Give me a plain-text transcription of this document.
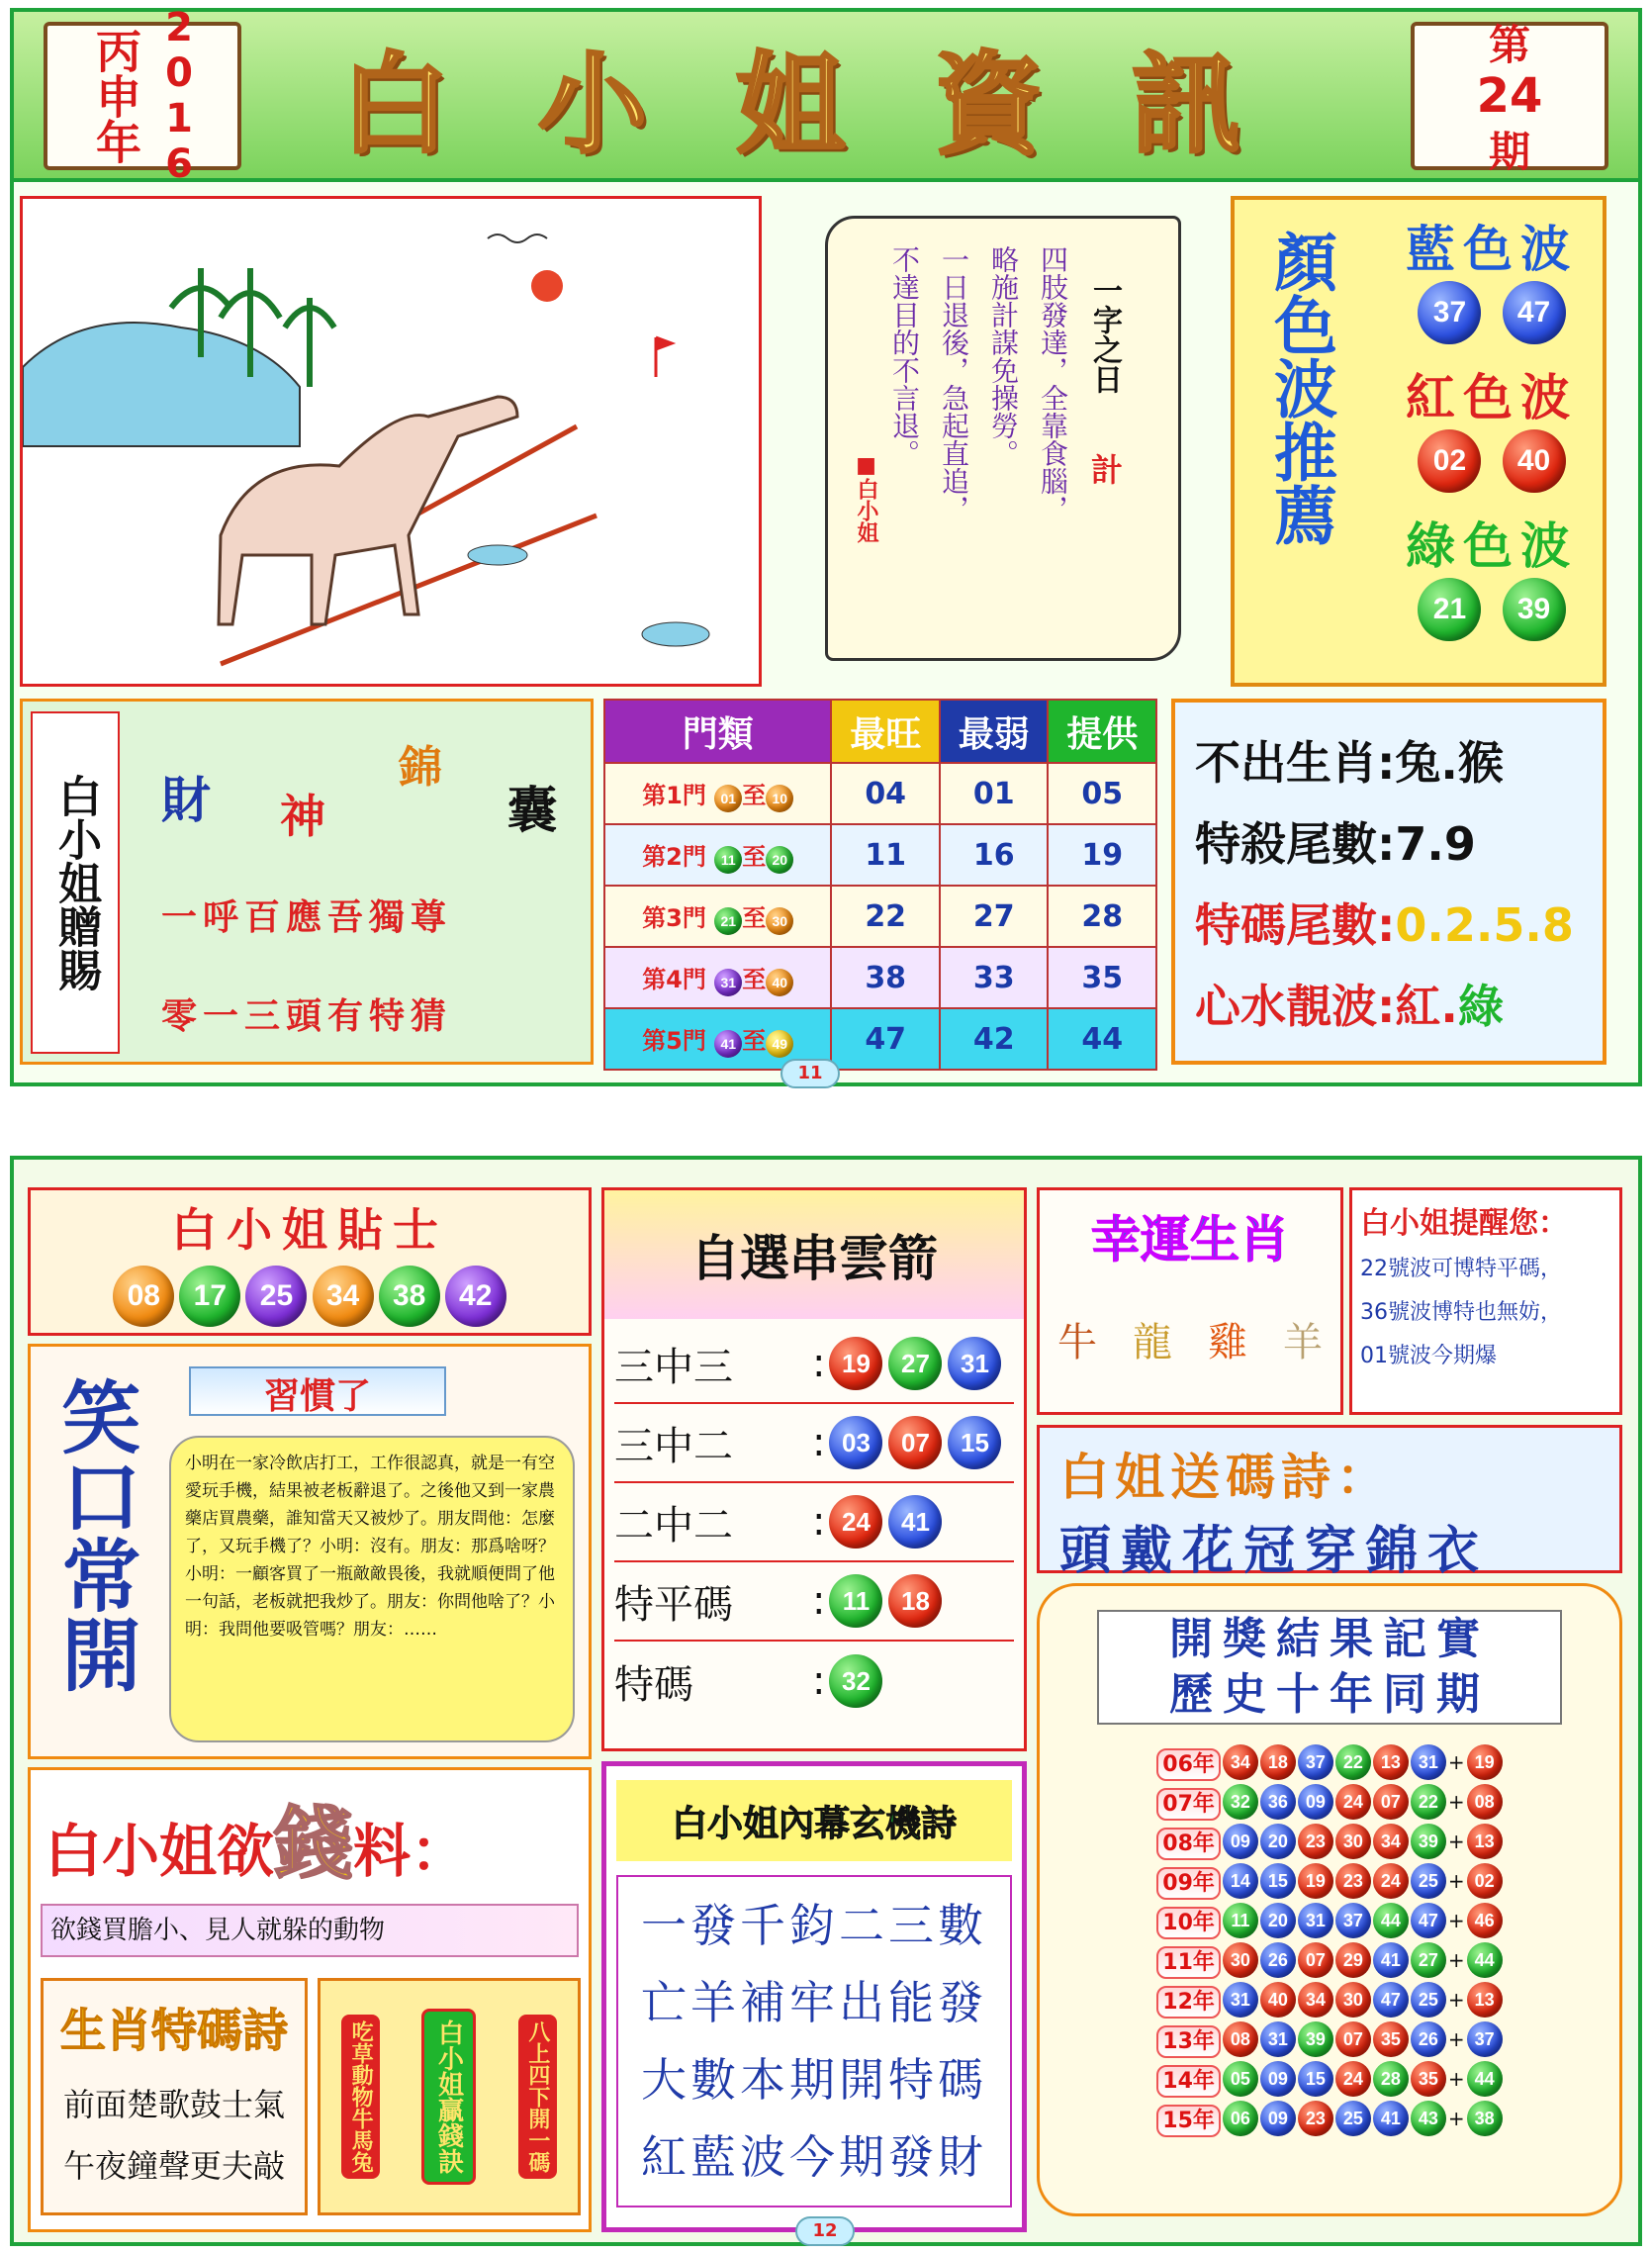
丙申年 2016 白小姐資訊	第
24
期
一字之日
計
四肢發達，全靠食腦，
略施計謀免操勞。
一日退後，急起直追，
不達目的不言退。
■白小姐	顏色波推薦	藍色波
37 47
紅色波
02 40
綠色波
21 39
白小姐贈賜	財 神
錦
囊
一呼百應吾獨尊
零一三頭有特猜
門類	最旺	最弱	提供
第1門 01 至 10	04	01	05
第2門 11 至 20	11	16	19
第3門 21 至 30	22	27	28
第4門 31 至 40	38	33	35
第5門 41 至 49	47	42	44
不出生肖:兔.猴
特殺尾數:7.9
特碼尾數:0.2.5.8
心水靚波:紅.綠
11
白小姐貼士
08 17 25 34 38 42
笑口常開	習慣了
小明在一家冷飲店打工，工作很認真，就是一有空愛玩手機，結果被老板辭退了。之後他又到一家農藥店買農藥，誰知當天又被炒了。朋友問他：怎麼了，又玩手機了？小明：沒有。朋友：那爲啥呀？小明：一顧客買了一瓶敵敵畏後，我就順便問了他一句話，老板就把我炒了。朋友：你問他啥了？小明：我問他要吸管嗎？朋友：……
自選串雲箭
三中三	: 19	27	31
三中二	: 03	07	15
二中二	: 24	41
特平碼	: 11	18
特碼	: 32
幸運生肖
牛 龍 雞 羊
白小姐提醒您：
22號波可博特平碼，
36號波博特也無妨，
01號波今期爆
白姐送碼詩：
頭戴花冠穿錦衣
開獎結果記實
歷史十年同期
06年	34	18	37	22	13	31	+	19
07年	32	36	09	24	07	22	+	08
08年	09	20	23	30	34	39	+	13
09年	14	15	19	23	24	25	+	02
10年	11	20	31	37	44	47	+	46
11年	30	26	07	29	41	27	+	44
12年	31	40	34	30	47	25	+	13
13年	08	31	39	07	35	26	+	37
14年	05	09	15	24	28	35	+	44
15年	06	09	23	25	41	43	+	38
白小姐欲錢料：
欲錢買膽小、見人就躲的動物
生肖特碼詩
前面楚歌鼓士氣
午夜鐘聲更夫敲	吃草動物牛馬兔	白小姐贏錢訣	八上四下開一碼
白小姐內幕玄機詩
一發千鈞二三數
亡羊補牢出能發
大數本期開特碼
紅藍波今期發財
12
